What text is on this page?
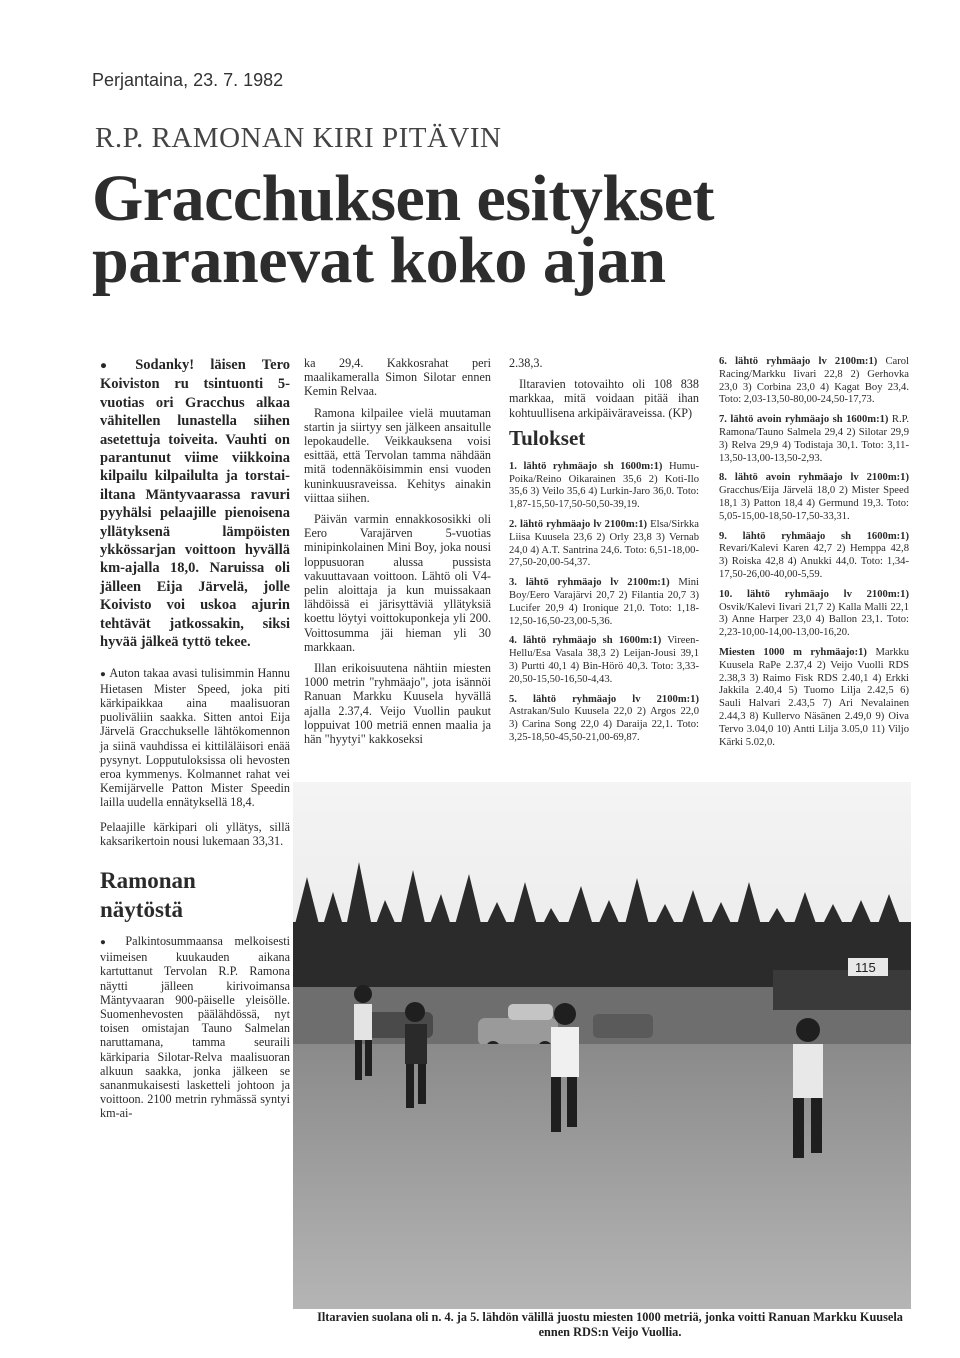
Perjantaina, 23. 7. 1982
R.P. RAMONAN KIRI PITÄVIN
Gracchuksen esitykset paranevat koko ajan

● Sodanky! läisen Tero Koiviston ru tsintuonti 5-vuotias ori Gracchus alkaa vähitellen lunastella siihen asetettuja toiveita. Vauhti on parantunut viime viikkoina kilpailu kilpailulta ja torstai-iltana Mäntyvaarassa ravuri pyyhälsi pelaajille pienoisena yllätyksenä lämpöisten ykkössarjan voittoon hyvällä km-ajalla 18,0. Naruissa oli jälleen Eija Järvelä, jolle Koivisto voi uskoa ajurin tehtävät jatkossakin, siksi hyvää jälkeä tyttö tekee.

● Auton takaa avasi tulisimmin Hannu Hietasen Mister Speed, joka piti kärkipaikkaa aina maalisuoran puoliväliin saakka. Sitten antoi Eija Järvelä Gracchukselle lähtökomennon ja siinä vauhdissa ei kittiläläisori enää pysynyt. Lopputuloksissa oli hevosten eroa kymmenys. Kolmannet rahat vei Kemijärvelle Patton Mister Speedin lailla uudella ennätyksellä 18,4.

Pelaajille kärkipari oli yllätys, sillä kaksarikertoin nousi lukemaan 33,31.

Ramonan näytöstä

● Palkintosummaansa melkoisesti viimeisen kuukauden aikana kartuttanut Tervolan R.P. Ramona näytti jälleen kirivoimansa Mäntyvaaran 900-päiselle yleisölle. Suomenhevosten päälähdössä, nyt toisen omistajan Tauno Salmelan naruttamana, tamma seuraili kärkiparia Silotar-Relva maalisuoran alkuun saakka, jonka jälkeen se sananmukaisesti lasketteli johtoon ja voittoon. 2100 metrin ryhmässä syntyi km-ai-

ka 29,4. Kakkosrahat peri maalikameralla Simon Silotar ennen Kemin Relvaa.

Ramona kilpailee vielä muutaman startin ja siirtyy sen jälkeen ansaitulle lepokaudelle. Veikkauksena voisi esittää, että Tervolan tamma nähdään mitä todennäköisimmin ensi vuoden kuninkuusraveissa. Kehitys ainakin viittaa siihen.

Päivän varmin ennakkososikki oli Eero Varajärven 5-vuotias minipinkolainen Mini Boy, joka nousi loppusuoran alussa pussista vakuuttavaan voittoon. Lähtö oli V4-pelin aloittaja ja kun muissakaan lähdöissä ei järisyttäviä yllätyksiä koettu löytyi voittokuponkeja yli 200. Voittosumma jäi hieman yli 30 markkaan.

Illan erikoisuutena nähtiin miesten 1000 metrin "ryhmäajo", jota isännöi Ranuan Markku Kuusela hyvällä ajalla 2.37,4. Veijo Vuollin paukut loppuivat 100 metriä ennen maalia ja hän "hyytyi" kakkoseksi

2.38,3.

Iltaravien totovaihto oli 108 838 markkaa, mitä voidaan pitää ihan kohtuullisena arkipäiväraveissa. (KP)

Tulokset

1. lähtö ryhmäajo sh 1600m:1) Humu-Poika/Reino Oikarainen 35,6 2) Koti-Ilo 35,6 3) Veilo 35,6 4) Lurkin-Jaro 36,0. Toto: 1,87-15,50-17,50-50,50-39,19.

2. lähtö ryhmäajo lv 2100m:1) Elsa/Sirkka Liisa Kuusela 23,6 2) Orly 23,8 3) Vernab 24,0 4) A.T. Santrina 24,6. Toto: 6,51-18,00-27,50-20,00-54,37.

3. lähtö ryhmäajo lv 2100m:1) Mini Boy/Eero Varajärvi 20,7 2) Filantia 20,7 3) Lucifer 20,9 4) Ironique 21,0. Toto: 1,18-12,50-16,50-23,00-5,36.

4. lähtö ryhmäajo sh 1600m:1) Vireen-Hellu/Esa Vasala 38,3 2) Leijan-Jousi 39,1 3) Purtti 40,1 4) Bin-Hörö 40,3. Toto: 3,33-20,50-15,50-16,50-4,43.

5. lähtö ryhmäajo lv 2100m:1) Astrakan/Sulo Kuusela 22,0 2) Argos 22,0 3) Carina Song 22,0 4) Daraija 22,1. Toto: 3,25-18,50-45,50-21,00-69,87.

6. lähtö ryhmäajo lv 2100m:1) Carol Racing/Markku Iivari 22,8 2) Gerhovka 23,0 3) Corbina 23,0 4) Kagat Boy 23,4. Toto: 2,03-13,50-80,00-24,50-17,73.

7. lähtö avoin ryhmäajo sh 1600m:1) R.P. Ramona/Tauno Salmela 29,4 2) Silotar 29,9 3) Relva 29,9 4) Todistaja 30,1. Toto: 3,11-13,50-13,00-13,50-2,93.

8. lähtö avoin ryhmäajo lv 2100m:1) Gracchus/Eija Järvelä 18,0 2) Mister Speed 18,1 3) Patton 18,4 4) Germund 19,3. Toto: 5,05-15,00-18,50-17,50-33,31.

9. lähtö ryhmäajo sh 1600m:1) Revari/Kalevi Karen 42,7 2) Hemppa 42,8 3) Roiska 42,8 4) Anukki 44,0. Toto: 1,34-17,50-26,00-40,00-5,59.

10. lähtö ryhmäajo lv 2100m:1) Osvik/Kalevi Iivari 21,7 2) Kalla Malli 22,1 3) Anne Harper 23,0 4) Ballon 23,1. Toto: 2,23-10,00-14,00-13,00-16,20.

Miesten 1000 m ryhmäajo:1) Markku Kuusela RaPe 2.37,4 2) Veijo Vuolli RDS 2.38,3 3) Raimo Fisk RDS 2.40,1 4) Erkki Jakkila 2.40,4 5) Tuomo Lilja 2.42,5 6) Sauli Halvari 2.43,5 7) Ari Nevalainen 2.44,3 8) Kullervo Näsänen 2.49,0 9) Oiva Tervo 3.04,0 10) Antti Lilja 3.05,0 11) Viljo Kärki 5.02,0.

115
Iltaravien suolana oli n. 4. ja 5. lähdön välillä juostu miesten 1000 metriä, jonka voitti Ranuan Markku Kuusela ennen RDS:n Veijo Vuollia.
